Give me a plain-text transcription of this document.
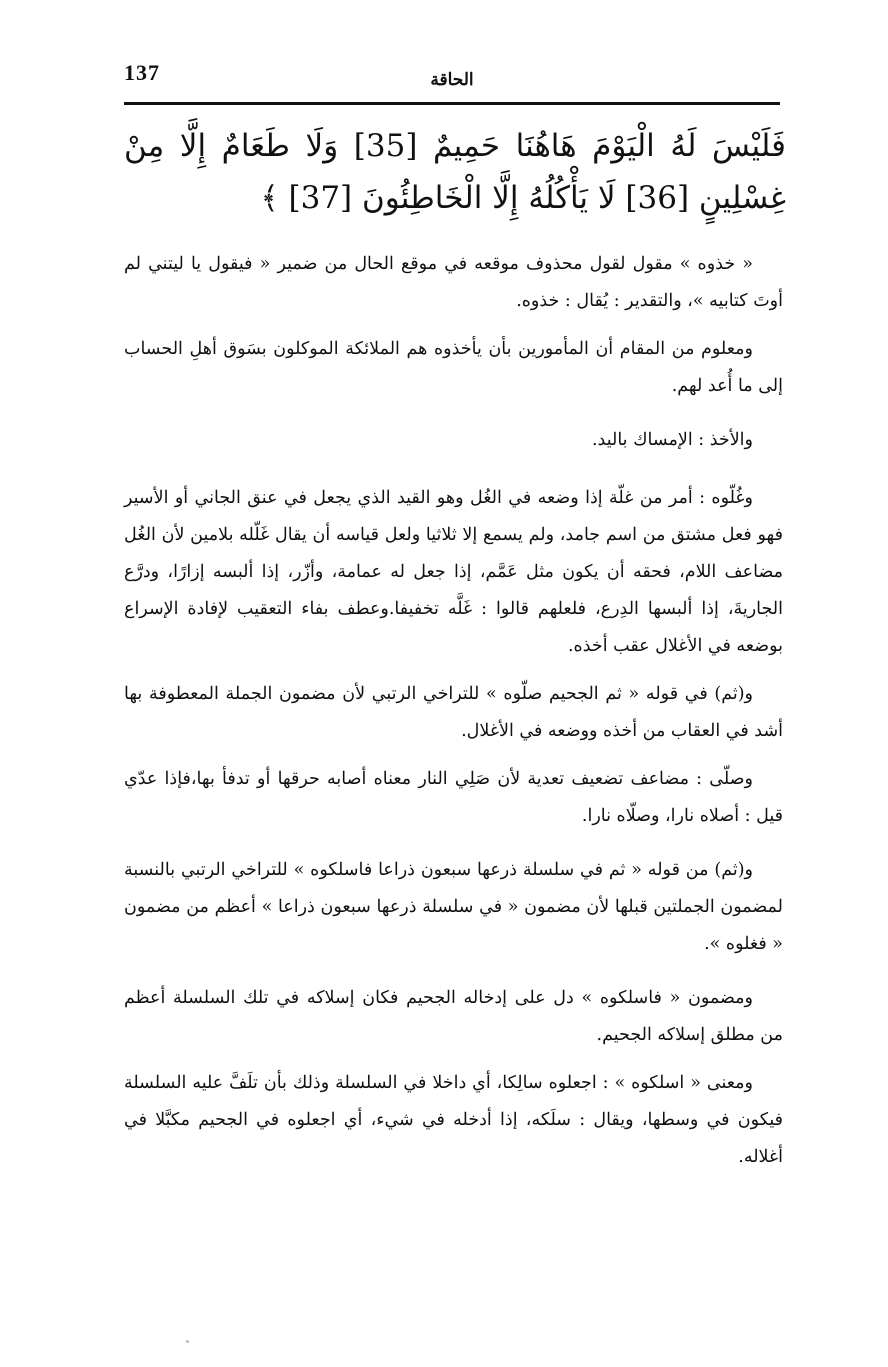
137	الحاقة
فَلَيْسَ لَهُ الْيَوْمَ هَاهُنَا حَمِيمٌ [35] وَلَا طَعَامٌ إِلَّا مِنْ غِسْلِينٍ [36] لَا يَأْكُلُهُ إِلَّا الْخَاطِئُونَ [37] ﴾

« خذوه » مقول لقول محذوف موقعه في موقع الحال من ضمير « فيقول يا ليتني لم أوتَ كتابيه »، والتقدير : يُقال : خذوه.

ومعلوم من المقام أن المأمورين بأن يأخذوه هم الملائكة الموكلون بسَوق أهلِ الحساب إلى ما أُعد لهم.

والأخذ : الإمساك باليد.

وغُلّوه : أمر من غلّة إذا وضعه في الغُل وهو القيد الذي يجعل في عنق الجاني أو الأسير فهو فعل مشتق من اسم جامد، ولم يسمع إلا ثلاثيا ولعل قياسه أن يقال غَلّله بلامين لأن الغُل مضاعف اللام، فحقه أن يكون مثل عَمَّم، إذا جعل له عمامة، وأزّر، إذا ألبسه إزارًا، ودرَّع الجاريةَ، إذا ألبسها الدِرع، فلعلهم قالوا : غَلَّه تخفيفا.وعطف بفاء التعقيب لإفادة الإسراع بوضعه في الأغلال عقب أخذه.

و(ثم) في قوله « ثم الجحيم صلّوه » للتراخي الرتبي لأن مضمون الجملة المعطوفة بها أشد في العقاب من أخذه ووضعه في الأغلال.

وصلّى : مضاعف تضعيف تعدية لأن صَلِي النار معناه أصابه حرقها أو تدفأ بها،فإذا عدّي قيل : أصلاه نارا، وصلّاه نارا.

و(ثم) من قوله « ثم في سلسلة ذرعها سبعون ذراعا فاسلكوه » للتراخي الرتبي بالنسبة لمضمون الجملتين قبلها لأن مضمون « في سلسلة ذرعها سبعون ذراعا » أعظم من مضمون « فغلوه ».

ومضمون « فاسلكوه » دل على إدخاله الجحيم فكان إسلاكه في تلك السلسلة أعظم من مطلق إسلاكه الجحيم.

ومعنى « اسلكوه » : اجعلوه سالِكا، أي داخلا في السلسلة وذلك بأن تلَفَّ عليه السلسلة فيكون في وسطها، ويقال : سلَكه، إذا أدخله في شيء، أي اجعلوه في الجحيم مكبَّلا في أغلاله.
